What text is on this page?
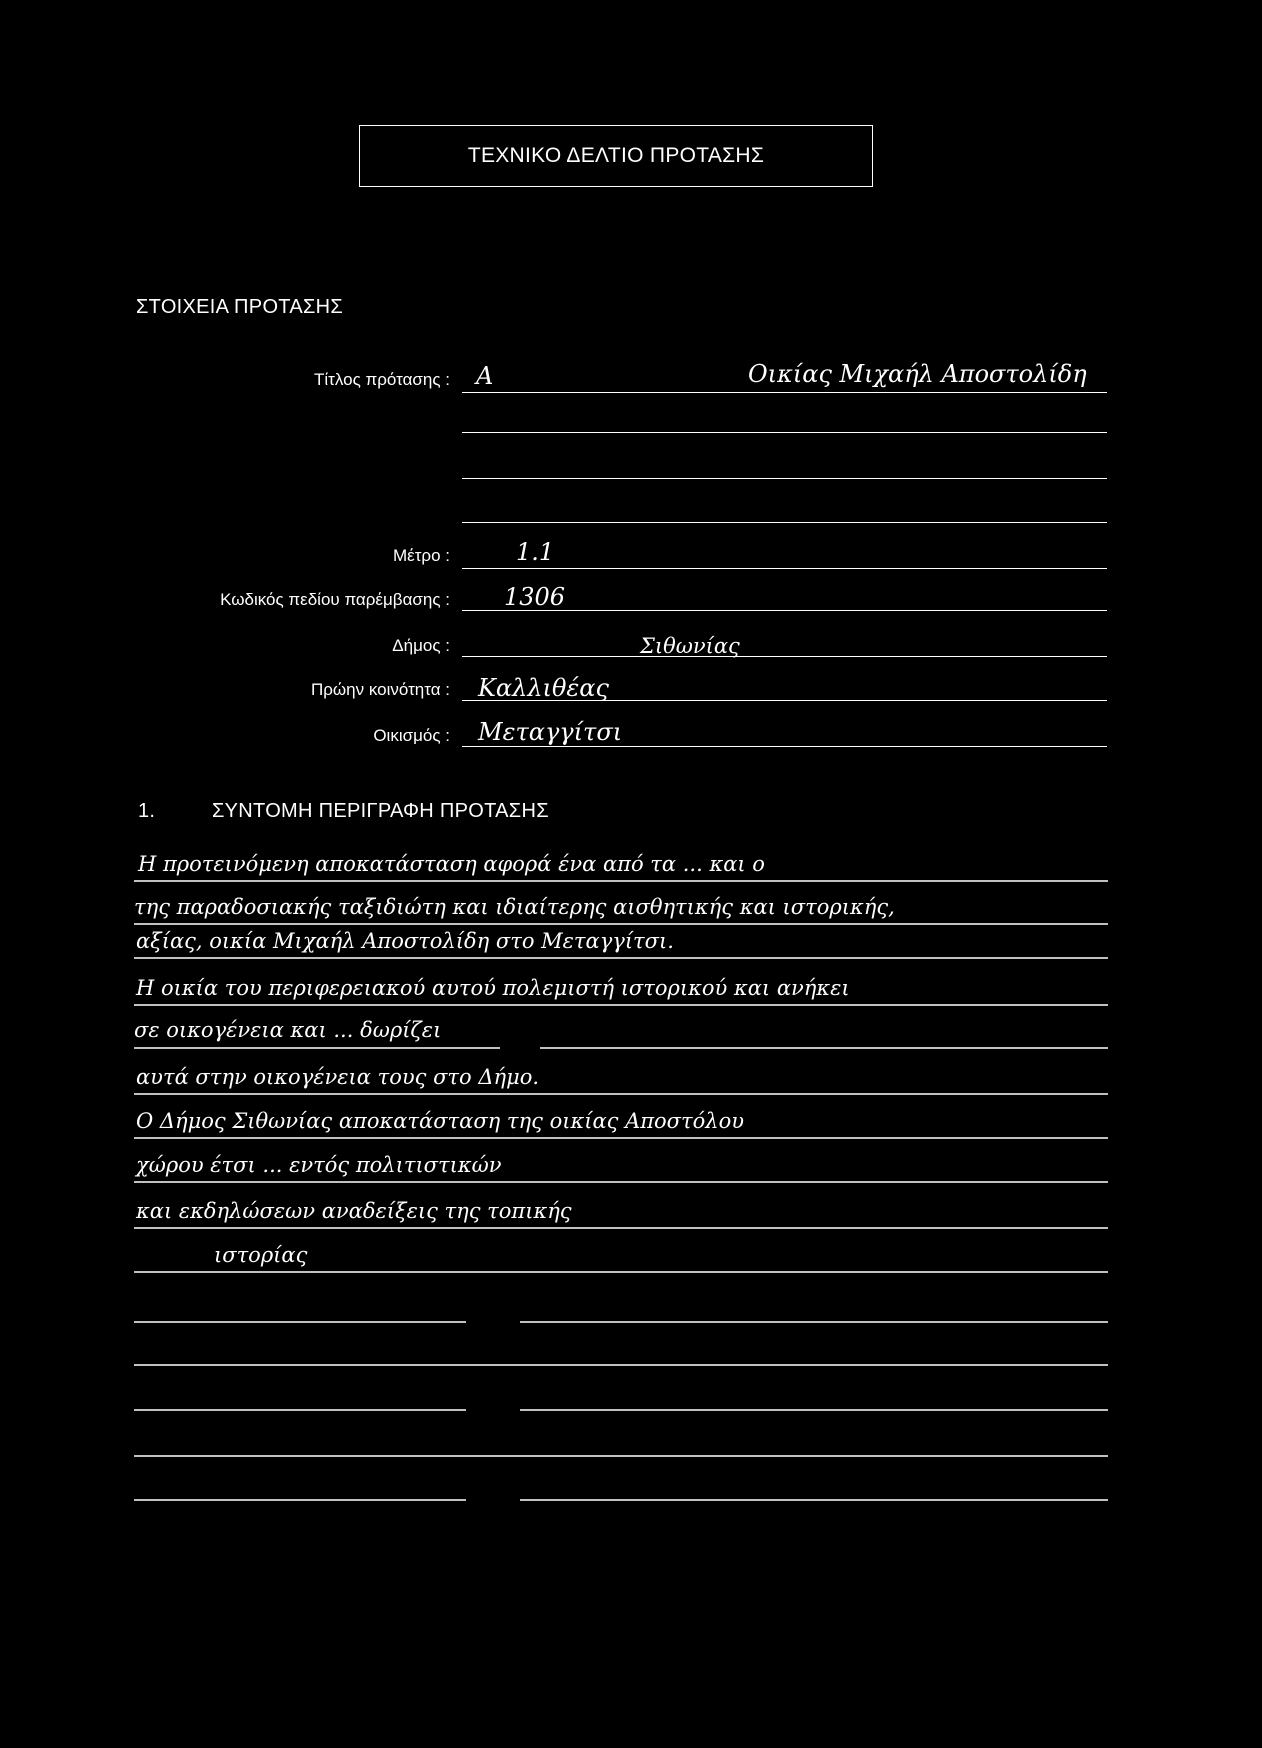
ΤΕΧΝΙΚΟ ΔΕΛΤΙΟ ΠΡΟΤΑΣΗΣ
ΣΤΟΙΧΕΙΑ ΠΡΟΤΑΣΗΣ
Τίτλος πρότασης :
Μέτρο :
Κωδικός πεδίου παρέμβασης :
Δήμος :
Πρώην κοινότητα :
Οικισμός :
Α	Οικίας Μιχαήλ Αποστολίδη
1.1
1306
Σιθωνίας
Καλλιθέας
Μεταγγίτσι
1.	ΣΥΝΤΟΜΗ ΠΕΡΙΓΡΑΦΗ ΠΡΟΤΑΣΗΣ
Η προτεινόμενη αποκατάσταση αφορά ένα από τα ... και ο
της παραδοσιακής ταξιδιώτη και ιδιαίτερης αισθητικής και ιστορικής,
αξίας, οικία Μιχαήλ Αποστολίδη στο Μεταγγίτσι.
Η οικία του περιφερειακού αυτού πολεμιστή ιστορικού και ανήκει
σε οικογένεια και ... δωρίζει
αυτά στην οικογένεια τους στο Δήμο.
Ο Δήμος Σιθωνίας αποκατάσταση της οικίας Αποστόλου
χώρου έτσι ... εντός πολιτιστικών
και εκδηλώσεων αναδείξεις της τοπικής
ιστορίας
